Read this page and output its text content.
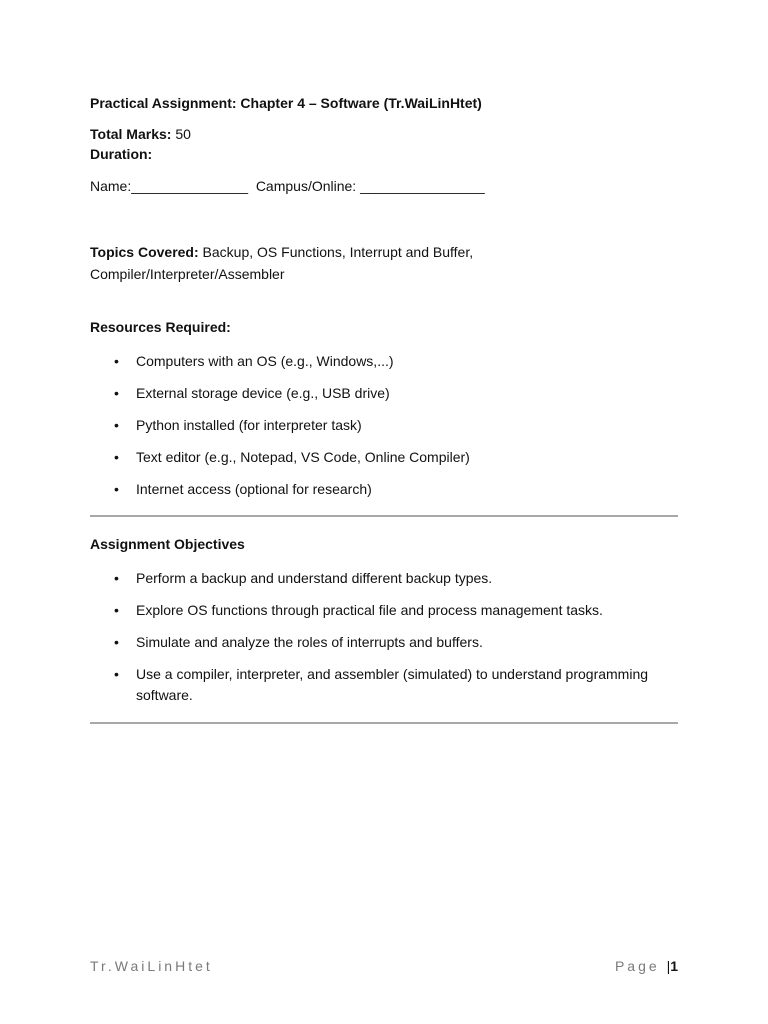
Practical Assignment: Chapter 4 – Software (Tr.WaiLinHtet)

Total Marks: 50

Duration:

Name:_______________ Campus/Online: ________________

Topics Covered: Backup, OS Functions, Interrupt and Buffer, Compiler/Interpreter/Assembler

Resources Required:

• Computers with an OS (e.g., Windows,...)
• External storage device (e.g., USB drive)
• Python installed (for interpreter task)
• Text editor (e.g., Notepad, VS Code, Online Compiler)
• Internet access (optional for research)

Assignment Objectives

• Perform a backup and understand different backup types.
• Explore OS functions through practical file and process management tasks.
• Simulate and analyze the roles of interrupts and buffers.
• Use a compiler, interpreter, and assembler (simulated) to understand programming software.
Tr.WaiLinHtet	Page |1
